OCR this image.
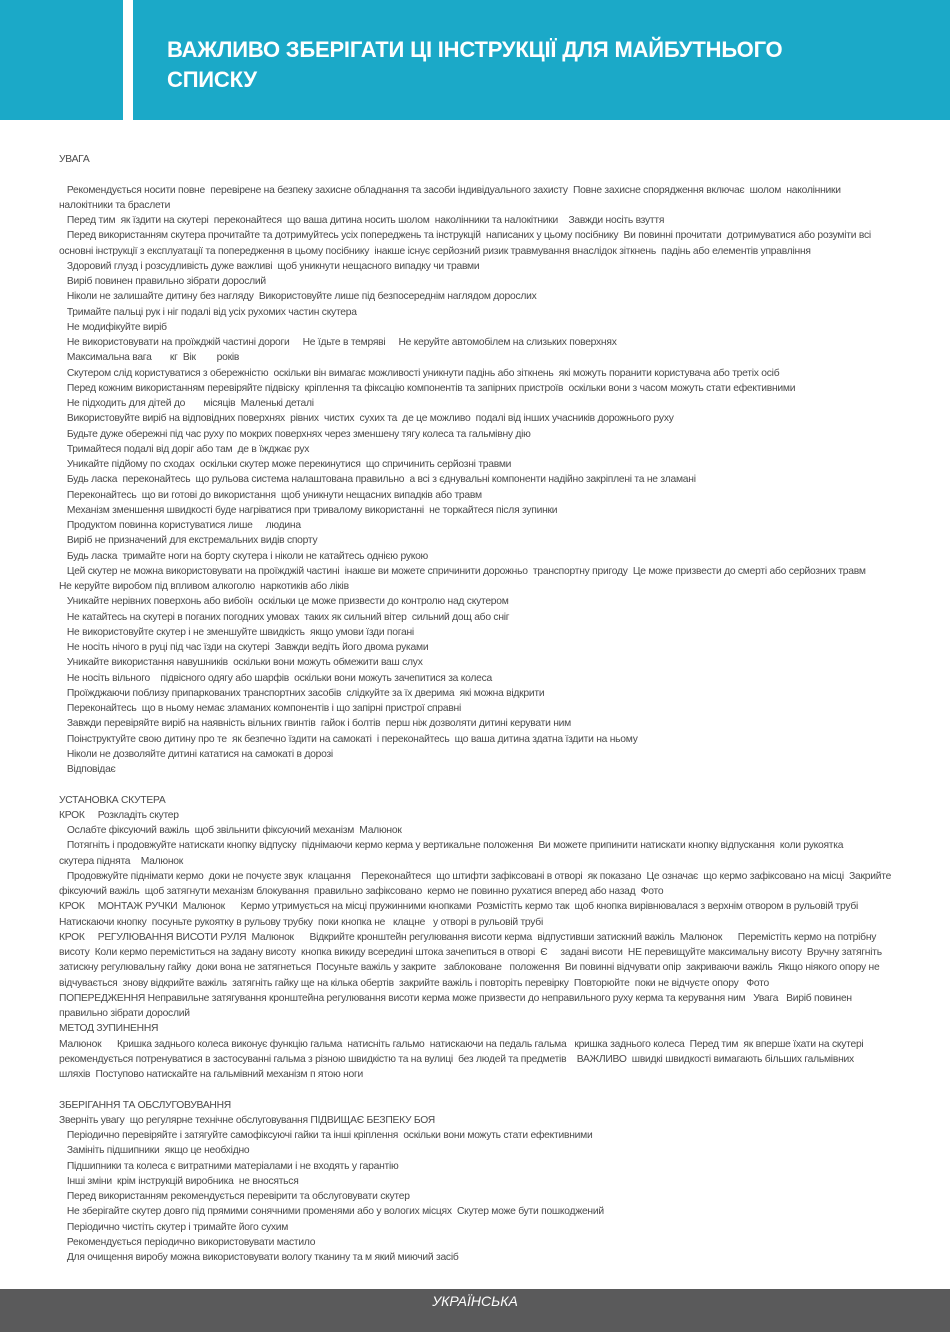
ВАЖЛИВО ЗБЕРІГАТИ ЦІ ІНСТРУКЦІЇ ДЛЯ МАЙБУТНЬОГО СПИСКУ
УВАГА
Рекомендується носити повне  перевірене на безпеку захисне обладнання та засоби індивідуального захисту  Повне захисне спорядження включає  шолом  наколінники
налокітники та браслети
Перед тим  як їздити на скутері  переконайтеся  що ваша дитина носить шолом  наколінники та налокітники    Завжди носіть взуття
Перед використанням скутера прочитайте та дотримуйтесь усіх попереджень та інструкцій  написаних у цьому посібнику  Ви повинні прочитати  дотримуватися або розуміти всі
основні інструкції з експлуатації та попередження в цьому посібнику  інакше існує серйозний ризик травмування внаслідок зіткнень  падінь або елементів управління
Здоровий глузд і розсудливість дуже важливі  щоб уникнути нещасного випадку чи травми
Виріб повинен правильно зібрати дорослий
Ніколи не залишайте дитину без нагляду  Використовуйте лише під безпосереднім наглядом дорослих
Тримайте пальці рук і ніг подалі від усіх рухомих частин скутера
Не модифікуйте виріб
Не використовувати на проїжджій частині дороги     Не їдьте в темряві     Не керуйте автомобілем на слизьких поверхнях
Максимальна вага       кг  Вік        років
Скутером слід користуватися з обережністю  оскільки він вимагає можливості уникнути падінь або зіткнень  які можуть поранити користувача або третіх осіб
Перед кожним використанням перевіряйте підвіску  кріплення та фіксацію компонентів та запірних пристроїв  оскільки вони з часом можуть стати ефективними
Не підходить для дітей до       місяців  Маленькі деталі
Використовуйте виріб на відповідних поверхнях  рівних  чистих  сухих та  де це можливо  подалі від інших учасників дорожнього руху
Будьте дуже обережні під час руху по мокрих поверхнях через зменшену тягу колеса та гальмівну дію
Тримайтеся подалі від доріг або там  де в їжджає рух
Уникайте підйому по сходах  оскільки скутер може перекинутися  що спричинить серйозні травми
Будь ласка  переконайтесь  що рульова система налаштована правильно  а всі з єднувальні компоненти надійно закріплені та не зламані
Переконайтесь  що ви готові до використання  щоб уникнути нещасних випадків або травм
Механізм зменшення швидкості буде нагріватися при тривалому використанні  не торкайтеся після зупинки
Продуктом повинна користуватися лише     людина
Виріб не призначений для екстремальних видів спорту
Будь ласка  тримайте ноги на борту скутера і ніколи не катайтесь однією рукою
Цей скутер не можна використовувати на проїжджій частині  інакше ви можете спричинити дорожньо  транспортну пригоду  Це може призвести до смерті або серйозних травм
Не керуйте виробом під впливом алкоголю  наркотиків або ліків
Уникайте нерівних поверхонь або вибоїн  оскільки це може призвести до контролю над скутером
Не катайтесь на скутері в поганих погодних умовах  таких як сильний вітер  сильний дощ або сніг
Не використовуйте скутер і не зменшуйте швидкість  якщо умови їзди погані
Не носіть нічого в руці під час їзди на скутері  Завжди ведіть його двома руками
Уникайте використання навушників  оскільки вони можуть обмежити ваш слух
Не носіть вільного    підвісного одягу або шарфів  оскільки вони можуть зачепитися за колеса
Проїжджаючи поблизу припаркованих транспортних засобів  слідкуйте за їх дверима  які можна відкрити
Переконайтесь  що в ньому немає зламаних компонентів і що запірні пристрої справні
Завжди перевіряйте виріб на наявність вільних гвинтів  гайок і болтів  перш ніж дозволяти дитині керувати ним
Поінструктуйте свою дитину про те  як безпечно їздити на самокаті  і переконайтесь  що ваша дитина здатна їздити на ньому
Ніколи не дозволяйте дитині кататися на самокаті в дорозі
Відповідає
УСТАНОВКА СКУТЕРА
КРОК     Розкладіть скутер
Ослабте фіксуючий важіль  щоб звільнити фіксуючий механізм  Малюнок
Потягніть і продовжуйте натискати кнопку відпуску  піднімаючи кермо керма у вертикальне положення  Ви можете припинити натискати кнопку відпускання  коли рукоятка
скутера піднята    Малюнок
Продовжуйте піднімати кермо  доки не почуєте звук  клацання    Переконайтеся  що штифти зафіксовані в отворі  як показано  Це означає  що кермо зафіксовано на місці  Закрийте
фіксуючий важіль  щоб затягнути механізм блокування  правильно зафіксовано  кермо не повинно рухатися вперед або назад  Фото
КРОК     МОНТАЖ РУЧКИ  Малюнок      Кермо утримується на місці пружинними кнопками  Розмістіть кермо так  щоб кнопка вирівнювалася з верхнім отвором в рульовій трубі
Натискаючи кнопку  посуньте рукоятку в рульову трубку  поки кнопка не   клацне   у отворі в рульовій трубі
КРОК     РЕГУЛЮВАННЯ ВИСОТИ РУЛЯ  Малюнок      Відкрийте кронштейн регулювання висоти керма  відпустивши затискний важіль  Малюнок      Перемістіть кермо на потрібну
висоту  Коли кермо переміститься на задану висоту  кнопка викиду всередині штока зачепиться в отворі  Є     заданi висоти  НЕ перевищуйте максимальну висоту  Вручну затягніть
затискну регулювальну гайку  доки вона не затягнеться  Посуньте важіль у закрите   заблоковане   положення  Ви повинні відчувати опір  закриваючи важіль  Якщо ніякого опору не
відчувається  знову відкрийте важіль  затягніть гайку ще на кілька обертів  закрийте важіль і повторіть перевірку  Повторюйте  поки не відчуєте опору   Фото
ПОПЕРЕДЖЕННЯ Неправильне затягування кронштейна регулювання висоти керма може призвести до неправильного руху керма та керування ним   Увага   Виріб повинен
правильно зібрати дорослий
МЕТОД ЗУПИНЕННЯ
Малюнок      Кришка заднього колеса виконує функцію гальма  натисніть гальмо  натискаючи на педаль гальма   кришка заднього колеса  Перед тим  як вперше їхати на скутері
рекомендується потренуватися в застосуванні гальма з різною швидкістю та на вулиці  без людей та предметів    ВАЖЛИВО  швидкі швидкості вимагають більших гальмівних
шляхів  Поступово натискайте на гальмівний механізм п ятою ноги
ЗБЕРІГАННЯ ТА ОБСЛУГОВУВАННЯ
Зверніть увагу  що регулярне технічне обслуговування ПІДВИЩАЄ БЕЗПЕКУ БОЯ
Періодично перевіряйте і затягуйте самофіксуючі гайки та інші кріплення  оскільки вони можуть стати ефективними
Замініть підшипники  якщо це необхідно
Підшипники та колеса є витратними матеріалами і не входять у гарантію
Інші зміни  крім інструкцій виробника  не вносяться
Перед використанням рекомендується перевірити та обслуговувати скутер
Не зберігайте скутер довго під прямими сонячними променями або у вологих місцях  Скутер може бути пошкоджений
Періодично чистіть скутер і тримайте його сухим
Рекомендується періодично використовувати мастило
Для очищення виробу можна використовувати вологу тканину та м який миючий засіб
УКРАЇНСЬКА
